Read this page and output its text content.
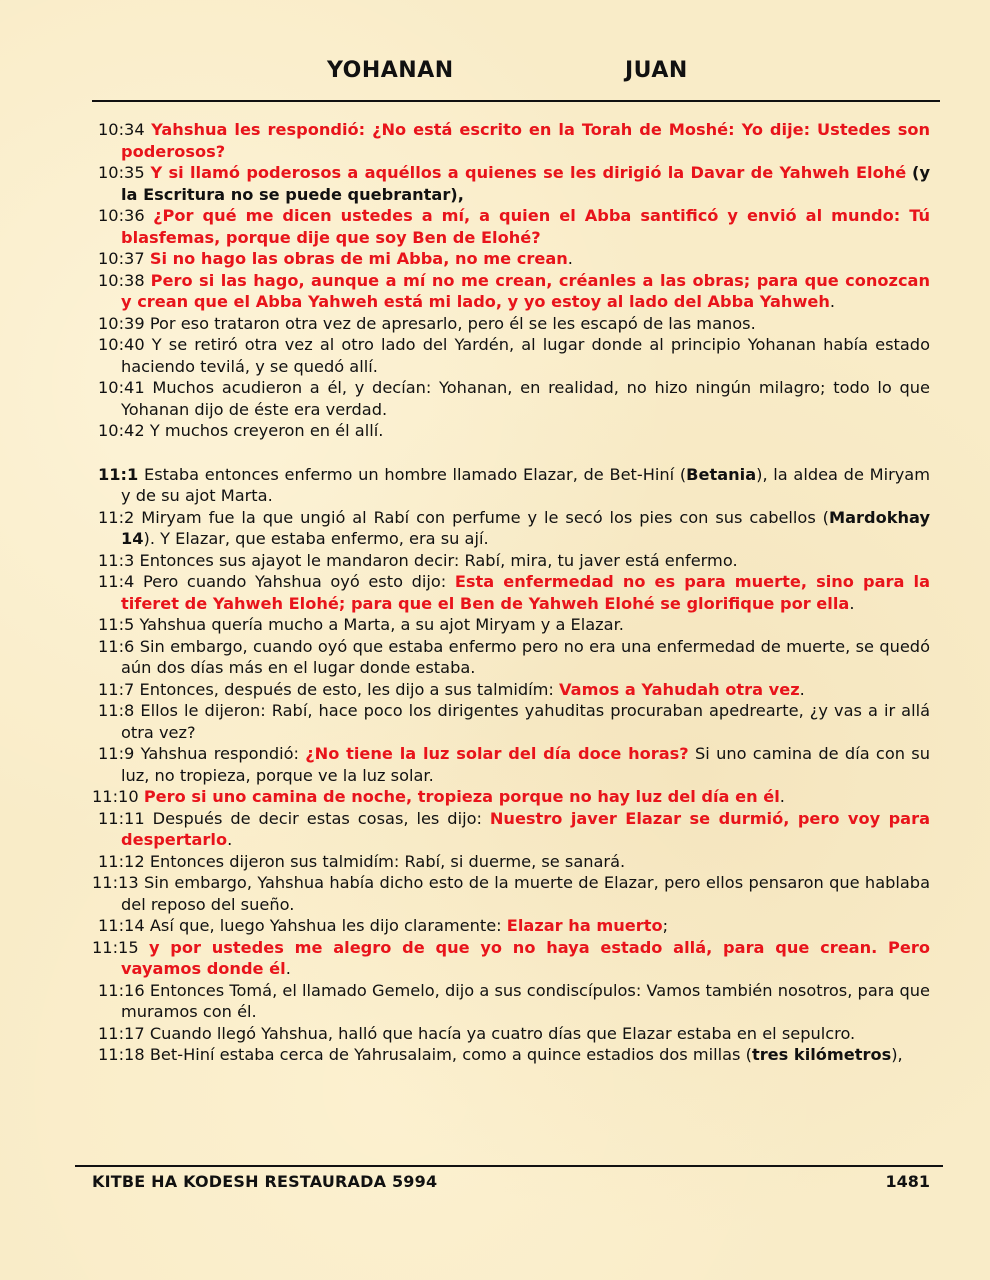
YOHANAN	JUAN

10:34 Yahshua les respondió: ¿No está escrito en la Torah de Moshé: Yo dije: Ustedes son poderosos?

10:35 Y si llamó poderosos a aquéllos a quienes se les dirigió la Davar de Yahweh Elohé (y la Escritura no se puede quebrantar),

10:36 ¿Por qué me dicen ustedes a mí, a quien el Abba santificó y envió al mundo: Tú blasfemas, porque dije que soy Ben de Elohé?

10:37 Si no hago las obras de mi Abba, no me crean.

10:38 Pero si las hago, aunque a mí no me crean, créanles a las obras; para que conozcan y crean que el Abba Yahweh está mi lado, y yo estoy al lado del Abba Yahweh.

10:39 Por eso trataron otra vez de apresarlo, pero él se les escapó de las manos.

10:40 Y se retiró otra vez al otro lado del Yardén, al lugar donde al principio Yohanan había estado haciendo tevilá, y se quedó allí.

10:41 Muchos acudieron a él, y decían: Yohanan, en realidad, no hizo ningún milagro; todo lo que Yohanan dijo de éste era verdad.

10:42 Y muchos creyeron en él allí.

11:1 Estaba entonces enfermo un hombre llamado Elazar, de Bet-Hiní (Betania), la aldea de Miryam y de su ajot Marta.

11:2 Miryam fue la que ungió al Rabí con perfume y le secó los pies con sus cabellos (Mardokhay 14). Y Elazar, que estaba enfermo, era su ají.

11:3 Entonces sus ajayot le mandaron decir: Rabí, mira, tu javer está enfermo.

11:4 Pero cuando Yahshua oyó esto dijo: Esta enfermedad no es para muerte, sino para la tiferet de Yahweh Elohé; para que el Ben de Yahweh Elohé se glorifique por ella.

11:5 Yahshua quería mucho a Marta, a su ajot Miryam y a Elazar.

11:6 Sin embargo, cuando oyó que estaba enfermo pero no era una enfermedad de muerte, se quedó aún dos días más en el lugar donde estaba.

11:7 Entonces, después de esto, les dijo a sus talmidím: Vamos a Yahudah otra vez.

11:8 Ellos le dijeron: Rabí, hace poco los dirigentes yahuditas procuraban apedrearte, ¿y vas a ir allá otra vez?

11:9 Yahshua respondió: ¿No tiene la luz solar del día doce horas? Si uno camina de día con su luz, no tropieza, porque ve la luz solar.

11:10 Pero si uno camina de noche, tropieza porque no hay luz del día en él.

11:11 Después de decir estas cosas, les dijo: Nuestro javer Elazar se durmió, pero voy para despertarlo.

11:12 Entonces dijeron sus talmidím: Rabí, si duerme, se sanará.

11:13 Sin embargo, Yahshua había dicho esto de la muerte de Elazar, pero ellos pensaron que hablaba del reposo del sueño.

11:14 Así que, luego Yahshua les dijo claramente: Elazar ha muerto;

11:15 y por ustedes me alegro de que yo no haya estado allá, para que crean. Pero vayamos donde él.

11:16 Entonces Tomá, el llamado Gemelo, dijo a sus condiscípulos: Vamos también nosotros, para que muramos con él.

11:17 Cuando llegó Yahshua, halló que hacía ya cuatro días que Elazar estaba en el sepulcro.

11:18 Bet-Hiní estaba cerca de Yahrusalaim, como a quince estadios dos millas (tres kilómetros),

KITBE HA KODESH RESTAURADA 5994	1481
